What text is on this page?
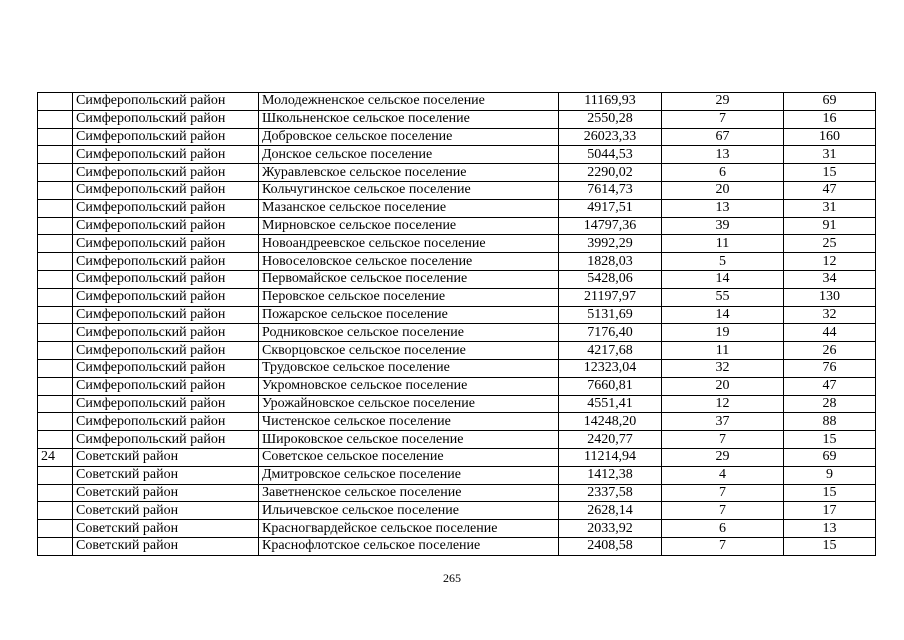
	Симферопольский район	Молодежненское сельское поселение	11169,93	29	69
	Симферопольский район	Школьненское сельское поселение	2550,28	7	16
	Симферопольский район	Добровское сельское поселение	26023,33	67	160
	Симферопольский район	Донское сельское поселение	5044,53	13	31
	Симферопольский район	Журавлевское сельское поселение	2290,02	6	15
	Симферопольский район	Кольчугинское сельское поселение	7614,73	20	47
	Симферопольский район	Мазанское сельское поселение	4917,51	13	31
	Симферопольский район	Мирновское сельское поселение	14797,36	39	91
	Симферопольский район	Новоандреевское сельское поселение	3992,29	11	25
	Симферопольский район	Новоселовское сельское поселение	1828,03	5	12
	Симферопольский район	Первомайское сельское поселение	5428,06	14	34
	Симферопольский район	Перовское сельское поселение	21197,97	55	130
	Симферопольский район	Пожарское сельское поселение	5131,69	14	32
	Симферопольский район	Родниковское сельское поселение	7176,40	19	44
	Симферопольский район	Скворцовское сельское поселение	4217,68	11	26
	Симферопольский район	Трудовское сельское поселение	12323,04	32	76
	Симферопольский район	Укромновское сельское поселение	7660,81	20	47
	Симферопольский район	Урожайновское сельское поселение	4551,41	12	28
	Симферопольский район	Чистенское сельское поселение	14248,20	37	88
	Симферопольский район	Широковское сельское поселение	2420,77	7	15
24	Советский район	Советское сельское поселение	11214,94	29	69
	Советский район	Дмитровское сельское поселение	1412,38	4	9
	Советский район	Заветненское сельское поселение	2337,58	7	15
	Советский район	Ильичевское сельское поселение	2628,14	7	17
	Советский район	Красногвардейское сельское поселение	2033,92	6	13
	Советский район	Краснофлотское сельское поселение	2408,58	7	15
265
